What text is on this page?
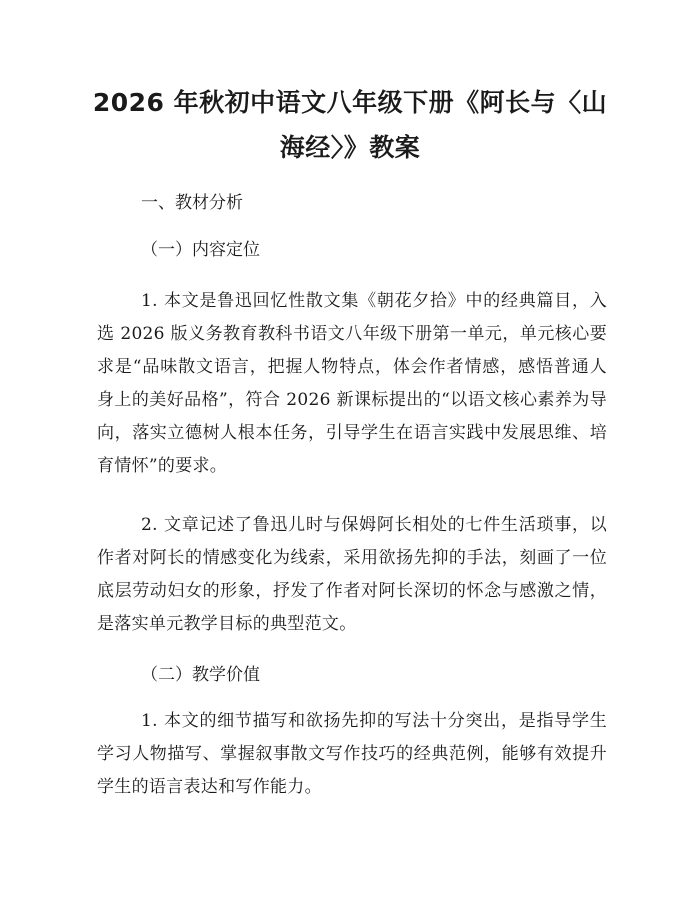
2026 年秋初中语文八年级下册《阿长与〈山
海经〉》教案

一、教材分析

（一）内容定位

1. 本文是鲁迅回忆性散文集《朝花夕拾》中的经典篇目，入选 2026 版义务教育教科书语文八年级下册第一单元，单元核心要求是“品味散文语言，把握人物特点，体会作者情感，感悟普通人身上的美好品格”，符合 2026 新课标提出的“以语文核心素养为导向，落实立德树人根本任务，引导学生在语言实践中发展思维、培育情怀”的要求。

2. 文章记述了鲁迅儿时与保姆阿长相处的七件生活琐事，以作者对阿长的情感变化为线索，采用欲扬先抑的手法，刻画了一位底层劳动妇女的形象，抒发了作者对阿长深切的怀念与感激之情，是落实单元教学目标的典型范文。

（二）教学价值

1. 本文的细节描写和欲扬先抑的写法十分突出，是指导学生学习人物描写、掌握叙事散文写作技巧的经典范例，能够有效提升学生的语言表达和写作能力。
